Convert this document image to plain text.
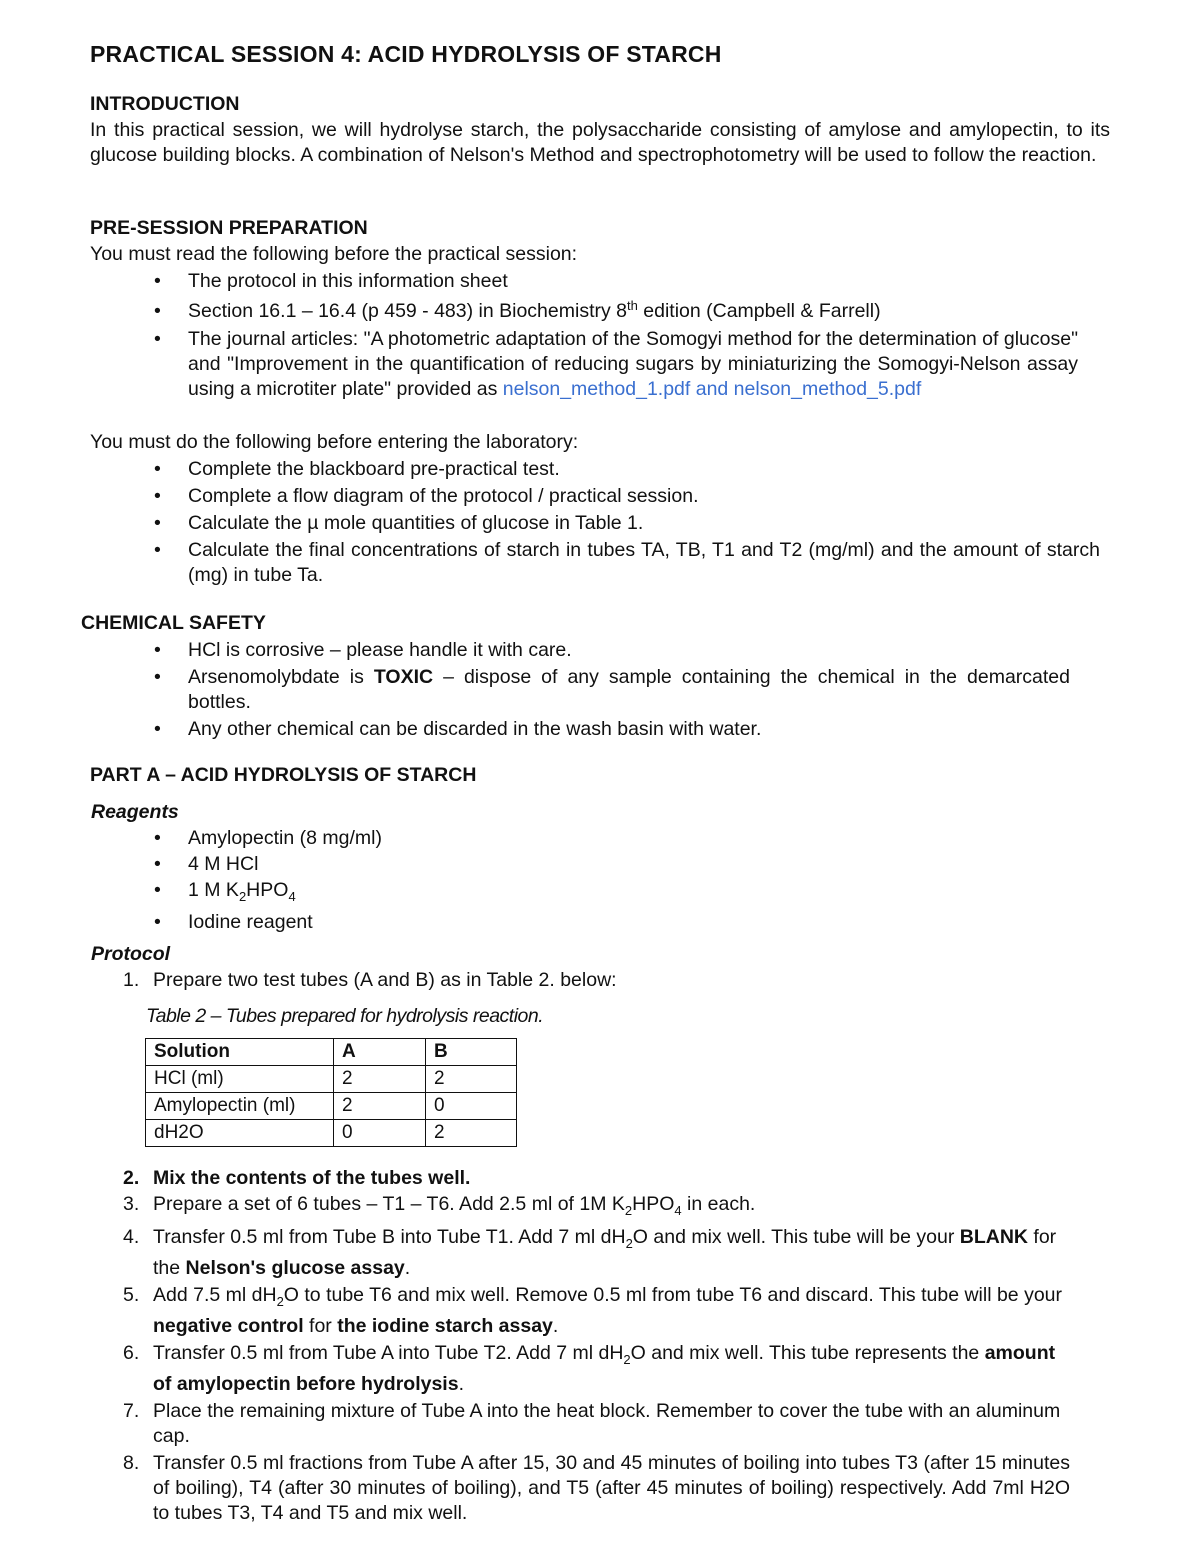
PRACTICAL SESSION 4: ACID HYDROLYSIS OF STARCH

INTRODUCTION

In this practical session, we will hydrolyse starch, the polysaccharide consisting of amylose and amylopectin, to its glucose building blocks. A combination of Nelson's Method and spectrophotometry will be used to follow the reaction.

PRE-SESSION PREPARATION

You must read the following before the practical session:

• The protocol in this information sheet
• Section 16.1 – 16.4 (p 459 - 483) in Biochemistry 8th edition (Campbell & Farrell)
• The journal articles: "A photometric adaptation of the Somogyi method for the determination of glucose" and "Improvement in the quantification of reducing sugars by miniaturizing the Somogyi-Nelson assay using a microtiter plate" provided as nelson_method_1.pdf and nelson_method_5.pdf

You must do the following before entering the laboratory:

• Complete the blackboard pre-practical test.
• Complete a flow diagram of the protocol / practical session.
• Calculate the µ mole quantities of glucose in Table 1.
• Calculate the final concentrations of starch in tubes TA, TB, T1 and T2 (mg/ml) and the amount of starch (mg) in tube Ta.

CHEMICAL SAFETY

• HCl is corrosive – please handle it with care.
• Arsenomolybdate is TOXIC – dispose of any sample containing the chemical in the demarcated bottles.
• Any other chemical can be discarded in the wash basin with water.

PART A – ACID HYDROLYSIS OF STARCH

Reagents

• Amylopectin (8 mg/ml)
• 4 M HCl
• 1 M $K_2HPO_4$
• Iodine reagent

Protocol

1. Prepare two test tubes (A and B) as in Table 2. below:

Table 2 – Tubes prepared for hydrolysis reaction.

Solution	A	B
HCl (ml)	2	2
Amylopectin (ml)	2	0
dH2O	0	2
2. Mix the contents of the tubes well.
3. Prepare a set of 6 tubes – T1 – T6. Add 2.5 ml of 1M $K_2HPO_4$ in each.
4. Transfer 0.5 ml from Tube B into Tube T1. Add 7 ml $dH_2O$ and mix well. This tube will be your BLANK for the Nelson's glucose assay.
5. Add 7.5 ml $dH_2O$ to tube T6 and mix well. Remove 0.5 ml from tube T6 and discard. This tube will be your negative control for the iodine starch assay.
6. Transfer 0.5 ml from Tube A into Tube T2. Add 7 ml $dH_2O$ and mix well. This tube represents the amount of amylopectin before hydrolysis.
7. Place the remaining mixture of Tube A into the heat block. Remember to cover the tube with an aluminum cap.
8. Transfer 0.5 ml fractions from Tube A after 15, 30 and 45 minutes of boiling into tubes T3 (after 15 minutes of boiling), T4 (after 30 minutes of boiling), and T5 (after 45 minutes of boiling) respectively. Add 7ml H2O to tubes T3, T4 and T5 and mix well.
